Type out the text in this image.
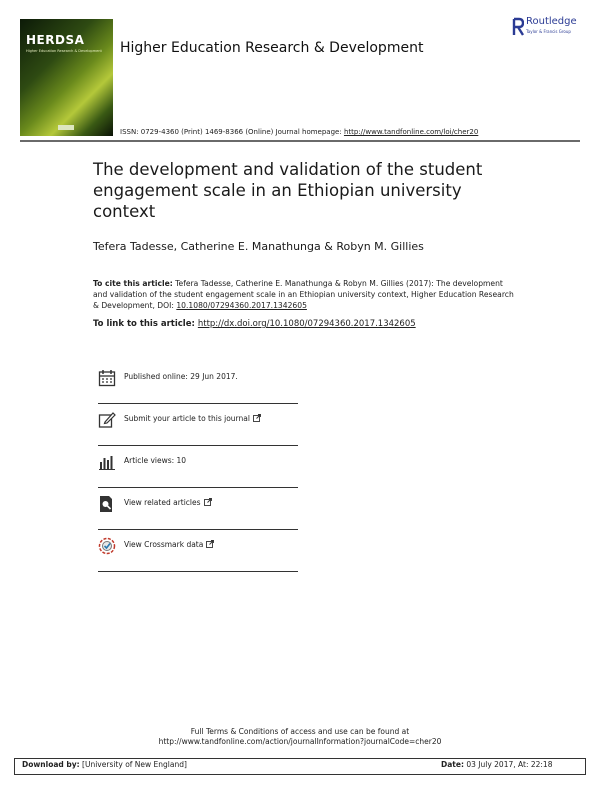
HERDSA
Higher Education Research & Development	Higher Education Research & Development
Routledge
Taylor & Francis Group
ISSN: 0729-4360 (Print) 1469-8366 (Online) Journal homepage: http://www.tandfonline.com/loi/cher20
The development and validation of the student engagement scale in an Ethiopian university context
Tefera Tadesse, Catherine E. Manathunga & Robyn M. Gillies
To cite this article: Tefera Tadesse, Catherine E. Manathunga & Robyn M. Gillies (2017): The development and validation of the student engagement scale in an Ethiopian university context, Higher Education Research & Development, DOI: 10.1080/07294360.2017.1342605
To link to this article: http://dx.doi.org/10.1080/07294360.2017.1342605
Published online: 29 Jun 2017.
Submit your article to this journal
Article views: 10
View related articles
View Crossmark data
Full Terms & Conditions of access and use can be found at
http://www.tandfonline.com/action/journalInformation?journalCode=cher20
Download by: [University of New England]	Date: 03 July 2017, At: 22:18
